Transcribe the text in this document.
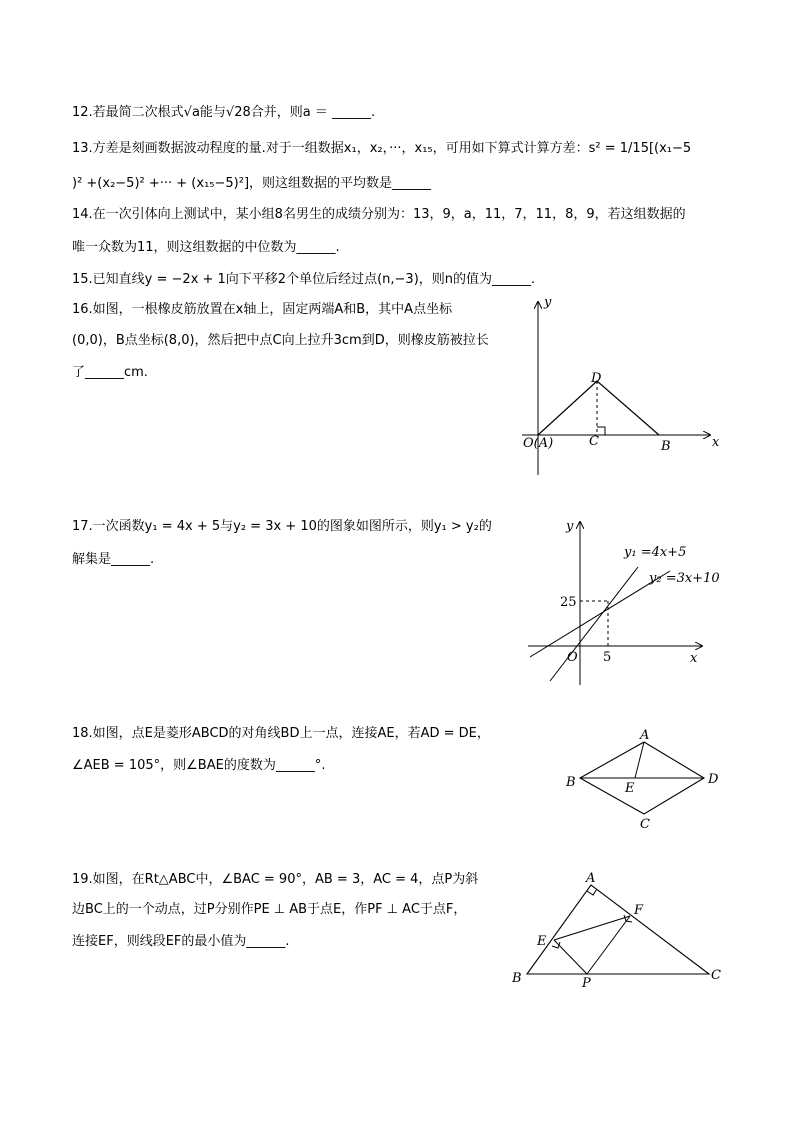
12.若最简二次根式√a能与√28合并，则a ＝ ______.
13.方差是刻画数据波动程度的量.对于一组数据x₁，x₂，···，x₁₅，可用如下算式计算方差：s² = 1/15[(x₁−5
)² +(x₂−5)² +··· + (x₁₅−5)²]，则这组数据的平均数是______
14.在一次引体向上测试中，某小组8名男生的成绩分别为：13，9，a，11，7，11，8，9，若这组数据的
唯一众数为11，则这组数据的中位数为______.
15.已知直线y = −2x + 1向下平移2个单位后经过点(n,−3)，则n的值为______.
16.如图，一根橡皮筋放置在x轴上，固定两端A和B，其中A点坐标
(0,0)，B点坐标(8,0)，然后把中点C向上拉升3cm到D，则橡皮筋被拉长
了______cm.
y
x
O(A)	C
D
B
17.一次函数y₁ = 4x + 5与y₂ = 3x + 10的图象如图所示，则y₁ > y₂的
解集是______.
y
x
O 5
25
y₁ =4x+5
y₂ =3x+10
18.如图，点E是菱形ABCD的对角线BD上一点，连接AE，若AD = DE，
∠AEB = 105°，则∠BAE的度数为______°.
A
B
C
D
E
19.如图，在Rt△ABC中，∠BAC = 90°，AB = 3，AC = 4，点P为斜
边BC上的一个动点，过P分别作PE ⊥ AB于点E，作PF ⊥ AC于点F，
连接EF，则线段EF的最小值为______.
A
B	C
E
F
P
